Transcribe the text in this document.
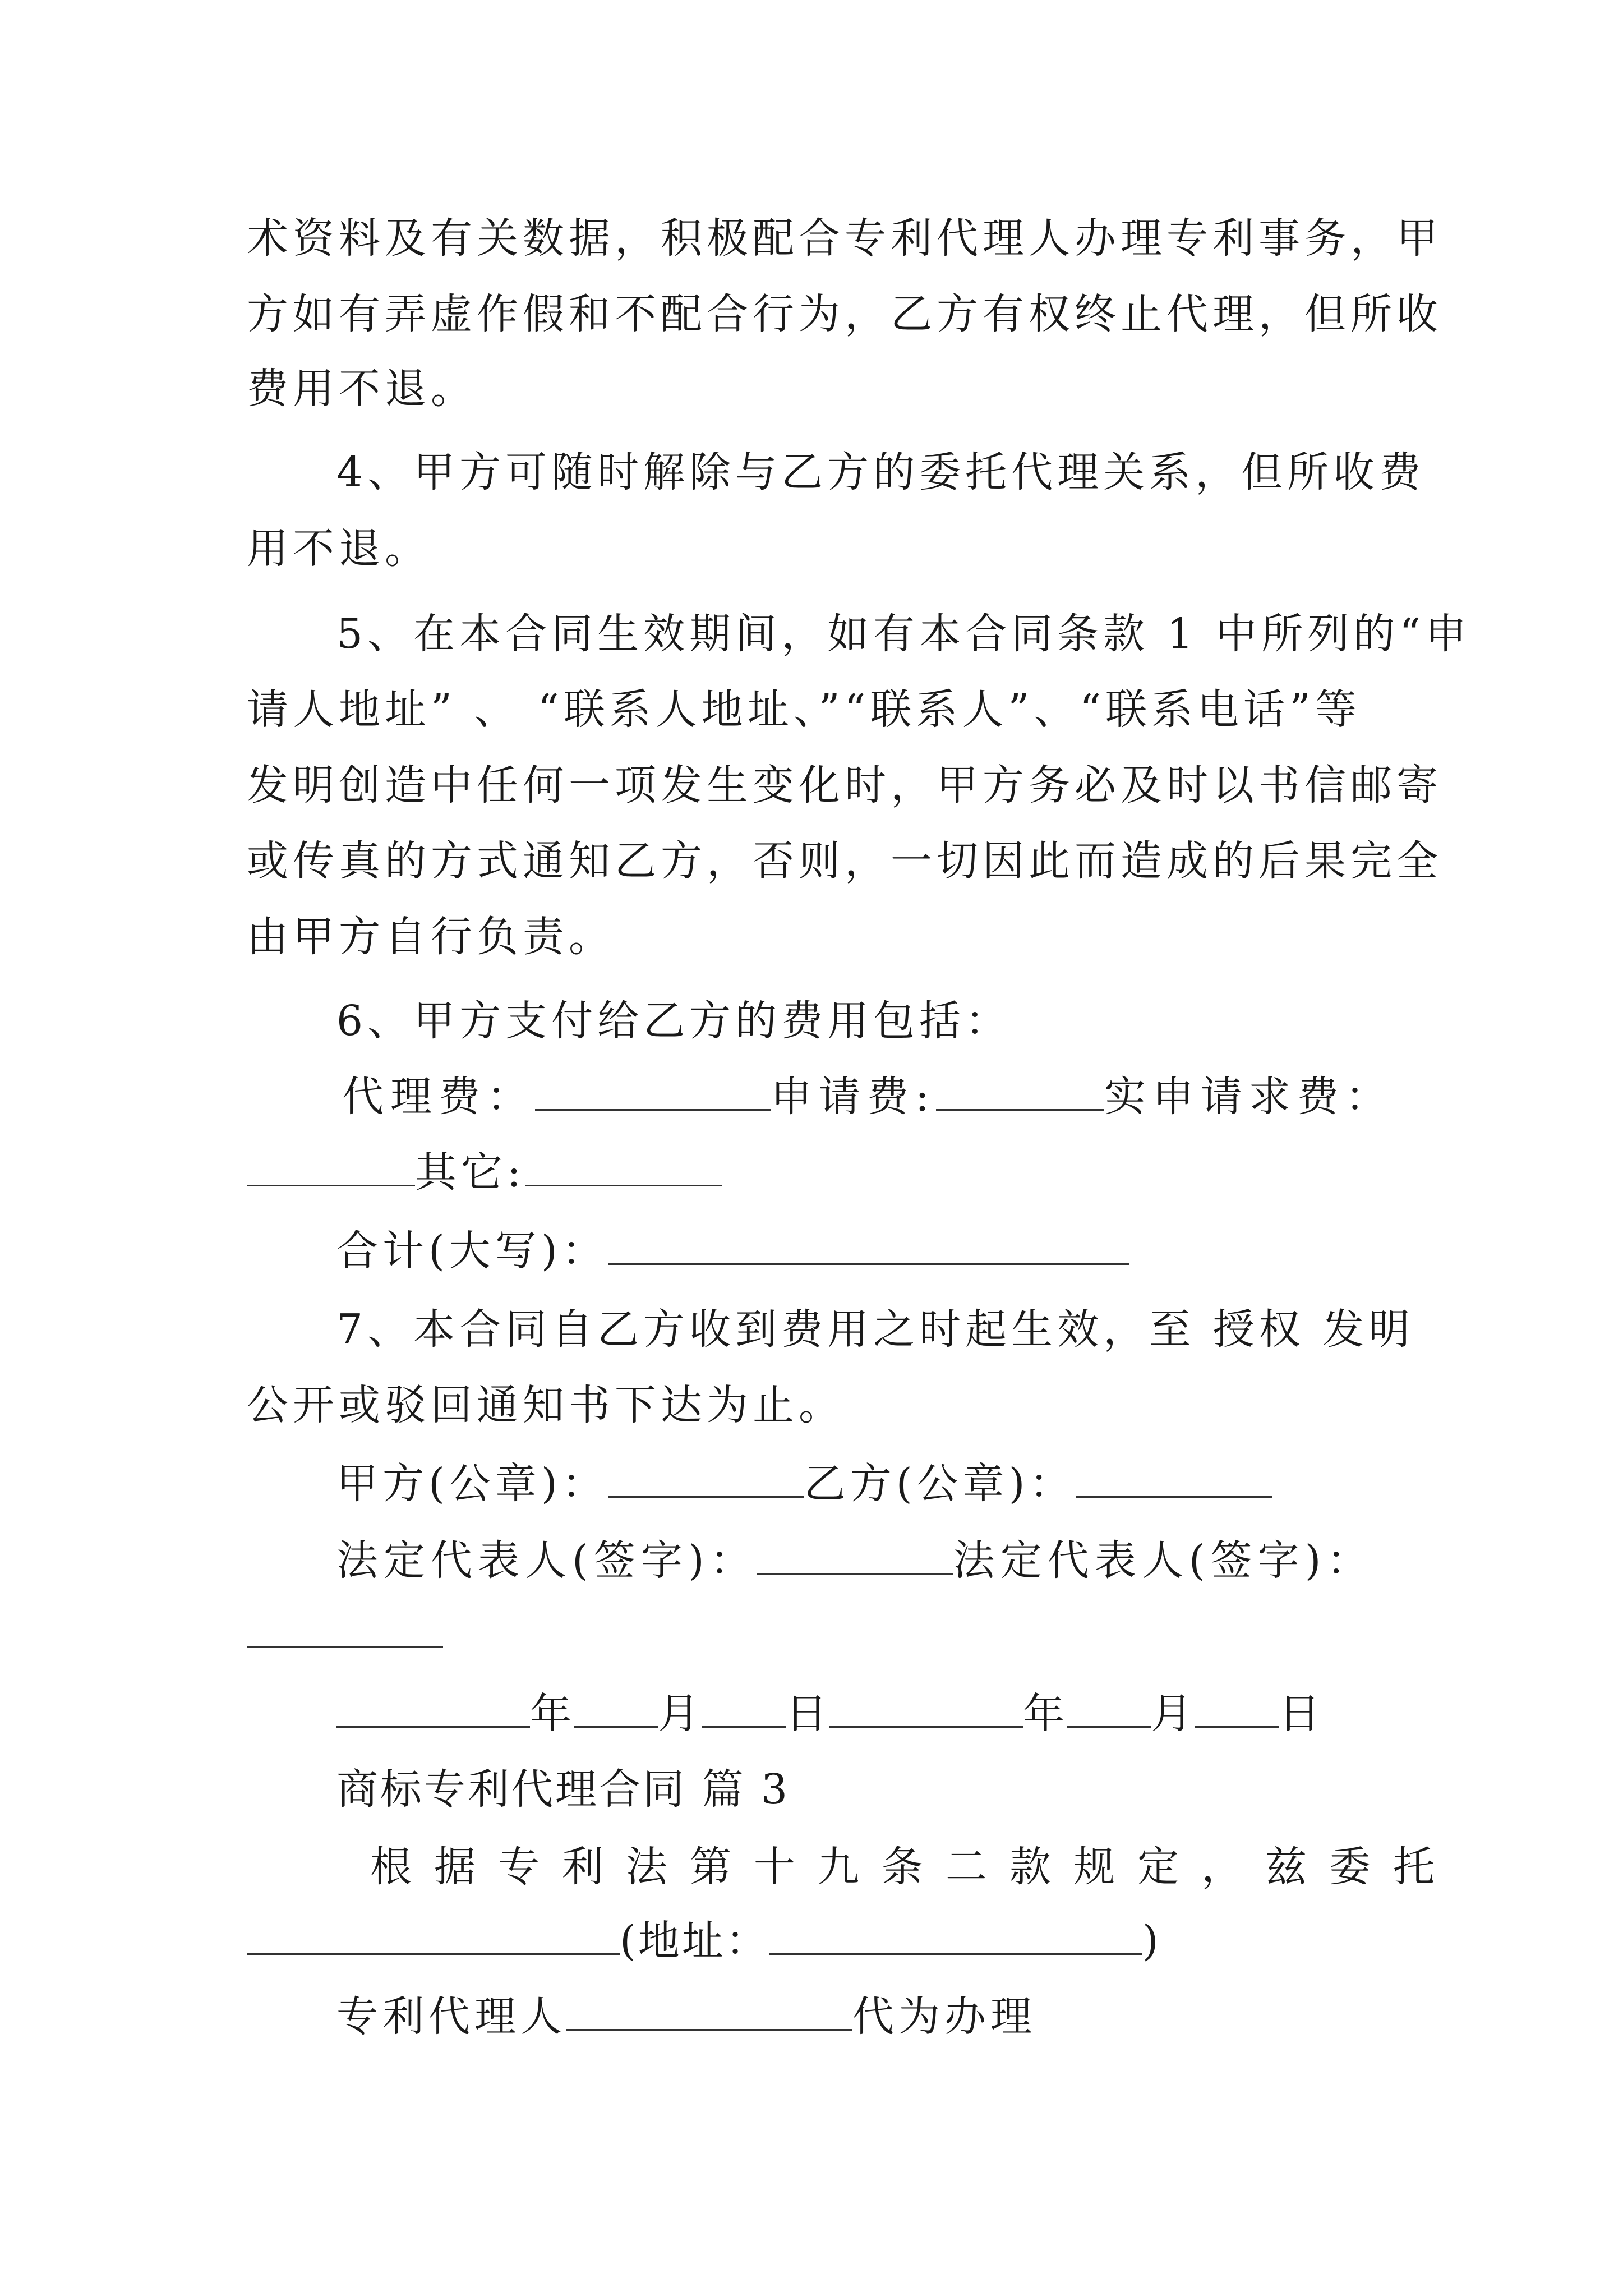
术资料及有关数据，积极配合专利代理人办理专利事务，甲
方如有弄虚作假和不配合行为，乙方有权终止代理，但所收
费用不退。
4、甲方可随时解除与乙方的委托代理关系，但所收费
用不退。
5、在本合同生效期间，如有本合同条款 1 中所列的“申
请人地址” 、 “联系人地址、”“联系人”、“联系电话”等
发明创造中任何一项发生变化时，甲方务必及时以书信邮寄
或传真的方式通知乙方，否则，一切因此而造成的后果完全
由甲方自行负责。
6、甲方支付给乙方的费用包括：
代理费：	申请费:	实申请求费：
其它:
合计(大写)：
7、本合同自乙方收到费用之时起生效，至 授权 发明
公开或驳回通知书下达为止。
甲方(公章)：	乙方(公章)：
法定代表人(签字)：	法定代表人(签字)：
年 月 日	年 月 日
商标专利代理合同 篇 3
根据专利法第十九条二款规定，兹委托
(地址：	)
专利代理人	代为办理
